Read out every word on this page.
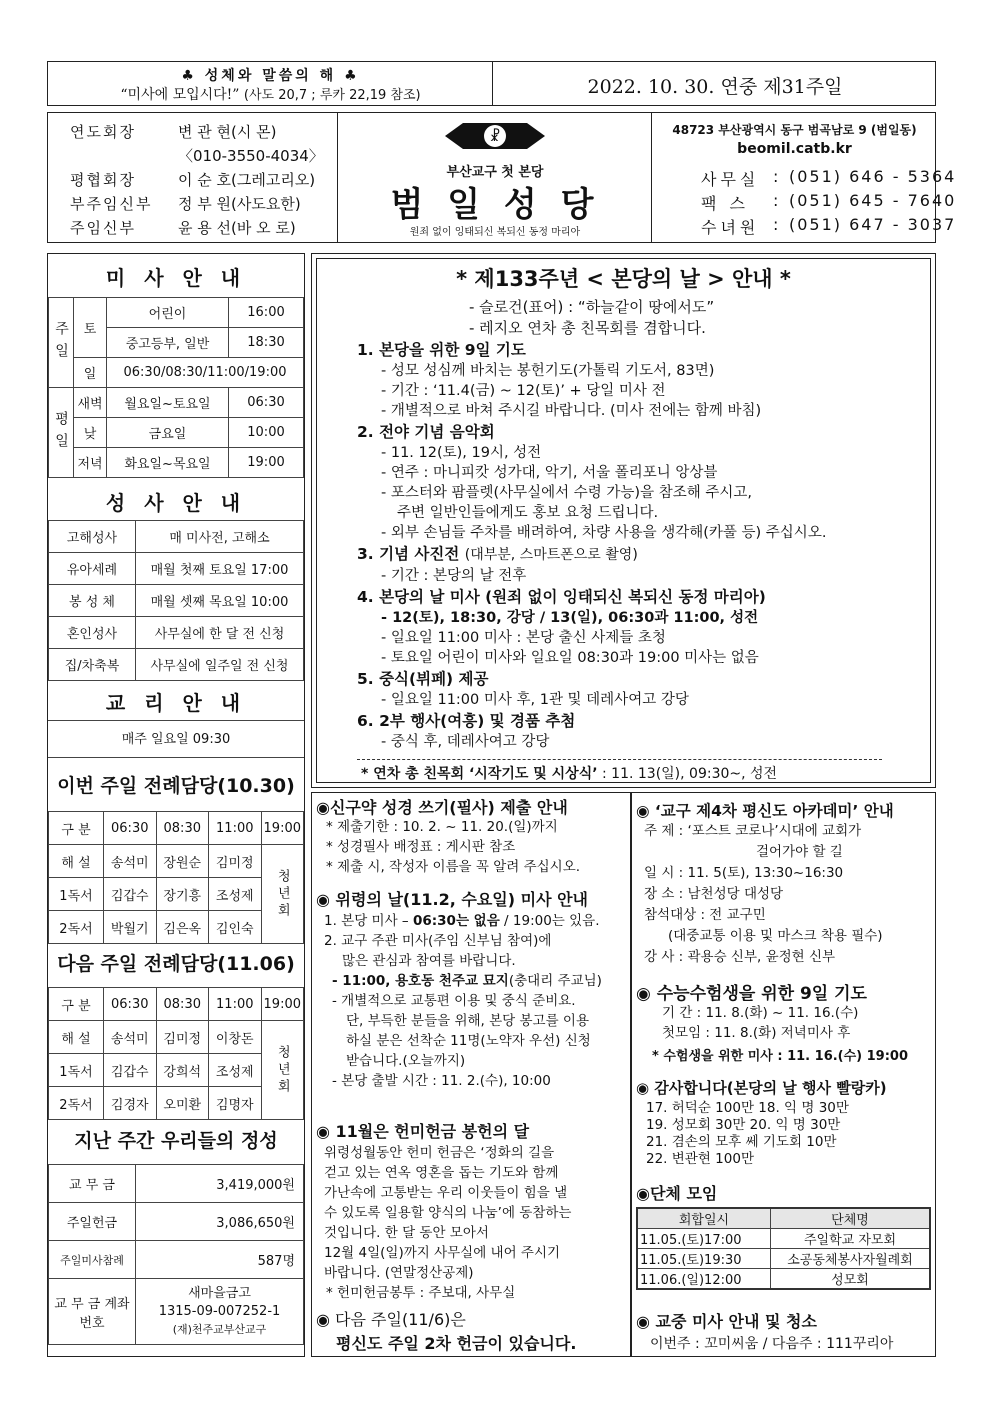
♣ 성체와 말씀의 해 ♣
“미사에 모입시다!” (사도 20,7 ; 루카 22,19 참조)	2022. 10. 30. 연중 제31주일
연도회장	변 관 현(시 몬)
〈010-3550-4034〉
평협회장	이 순 호(그레고리오)
부주임신부 정 부 원(사도요한)
주임신부	윤 용 선(바 오 로)
☧
부산교구 첫 본당
범 일 성 당
원죄 없이 잉태되신 복되신 동정 마리아
48723 부산광역시 동구 범곡남로 9 (범일동)
beomil.catb.kr
사무실 : (051) 646 - 5364
팩 스 : (051) 645 - 7640
수녀원 : (051) 647 - 3037
미 사 안 내
주일	토	어린이	16:00
		중고등부, 일반	18:30
	일	06:30/08:30/11:00/19:00	
평일	새벽	월요일~토요일	06:30
	낮	금요일	10:00
	저녁	화요일~목요일	19:00
성 사 안 내
고해성사	매 미사전, 고해소
유아세례	매월 첫째 토요일 17:00
봉 성 체	매월 셋째 목요일 10:00
혼인성사	사무실에 한 달 전 신청
집/차축복	사무실에 일주일 전 신청
교 리 안 내
매주 일요일 09:30
이번 주일 전례담당(10.30)
구 분	06:30	08:30	11:00	19:00
해 설	송석미	장원순	김미정	청년회
1독서	김갑수	장기흥	조성제	
2독서	박월기	김은옥	김인숙	
다음 주일 전례담당(11.06)
구 분	06:30	08:30	11:00	19:00
해 설	송석미	김미정	이창돈	청년회
1독서	김갑수	강희석	조성제	
2독서	김경자	오미환	김명자	
지난 주간 우리들의 정성
교 무 금	3,419,000원
주일헌금	3,086,650원
주일미사참례	587명
교 무 금 계좌번호	새마을금고
1315-09-007252-1
(재)천주교부산교구
* 제133주년 < 본당의 날 > 안내 *
- 슬로건(표어) : “하늘같이 땅에서도”
- 레지오 연차 총 친목회를 겸합니다.
1. 본당을 위한 9일 기도
- 성모 성심께 바치는 봉헌기도(가톨릭 기도서, 83면)
- 기간 : ‘11.4(금) ~ 12(토)’ + 당일 미사 전
- 개별적으로 바쳐 주시길 바랍니다. (미사 전에는 함께 바침)
2. 전야 기념 음악회
- 11. 12(토), 19시, 성전
- 연주 : 마니피캇 성가대, 악기, 서울 폴리포니 앙상블
- 포스터와 팜플렛(사무실에서 수령 가능)을 참조해 주시고,
주변 일반인들에게도 홍보 요청 드립니다.
- 외부 손님들 주차를 배려하여, 차량 사용을 생각해(카풀 등) 주십시오.
3. 기념 사진전 (대부분, 스마트폰으로 촬영)
- 기간 : 본당의 날 전후
4. 본당의 날 미사 (원죄 없이 잉태되신 복되신 동정 마리아)
- 12(토), 18:30, 강당 / 13(일), 06:30과 11:00, 성전
- 일요일 11:00 미사 : 본당 출신 사제들 초청
- 토요일 어린이 미사와 일요일 08:30과 19:00 미사는 없음
5. 중식(뷔페) 제공
- 일요일 11:00 미사 후, 1관 및 데레사여고 강당
6. 2부 행사(여흥) 및 경품 추첨
- 중식 후, 데레사여고 강당
* 연차 총 친목회 ‘시작기도 및 시상식’ : 11. 13(일), 09:30~, 성전
◉신구약 성경 쓰기(필사) 제출 안내
* 제출기한 : 10. 2. ~ 11. 20.(일)까지
* 성경필사 배정표 : 게시판 참조
* 제출 시, 작성자 이름을 꼭 알려 주십시오.
◉ 위령의 날(11.2, 수요일) 미사 안내
1. 본당 미사 – 06:30는 없음 / 19:00는 있음.
2. 교구 주관 미사(주임 신부님 참여)에
많은 관심과 참여를 바랍니다.
- 11:00, 용호동 천주교 묘지(충대리 주교님)
- 개별적으로 교통편 이용 및 중식 준비요.
단, 부득한 분들을 위해, 본당 봉고를 이용
하실 분은 선착순 11명(노약자 우선) 신청
받습니다.(오늘까지)
- 본당 출발 시간 : 11. 2.(수), 10:00
◉ 11월은 헌미헌금 봉헌의 달
위령성월동안 헌미 헌금은 ‘정화의 길을
걷고 있는 연옥 영혼을 돕는 기도와 함께
가난속에 고통받는 우리 이웃들이 힘을 낼
수 있도록 일용할 양식의 나눔’에 동참하는
것입니다. 한 달 동안 모아서
12월 4일(일)까지 사무실에 내어 주시기
바랍니다. (연말정산공제)
* 헌미헌금봉투 : 주보대, 사무실
◉ 다음 주일(11/6)은
평신도 주일 2차 헌금이 있습니다.
◉ ‘교구 제4차 평신도 아카데미’ 안내
주 제 : ‘포스트 코로나’시대에 교회가
걸어가야 할 길
일 시 : 11. 5(토), 13:30~16:30
장 소 : 남천성당 대성당
참석대상 : 전 교구민
(대중교통 이용 및 마스크 착용 필수)
강 사 : 곽용승 신부, 윤정현 신부
◉ 수능수험생을 위한 9일 기도
기 간 : 11. 8.(화) ~ 11. 16.(수)
첫모임 : 11. 8.(화) 저녁미사 후
* 수험생을 위한 미사 : 11. 16.(수) 19:00
◉ 감사합니다(본당의 날 행사 빨랑카)
17. 허덕순 100만 18. 익 명 30만
19. 성모회 30만 20. 익 명 30만
21. 겸손의 모후 쎄 기도회 10만
22. 변관현 100만
◉단체 모임
회합일시	단체명
11.05.(토)17:00	주일학교 자모회
11.05.(토)19:30	소공동체봉사자월례회
11.06.(일)12:00	성모회
◉ 교중 미사 안내 및 청소
이번주 : 꼬미씨움 / 다음주 : 111꾸리아
